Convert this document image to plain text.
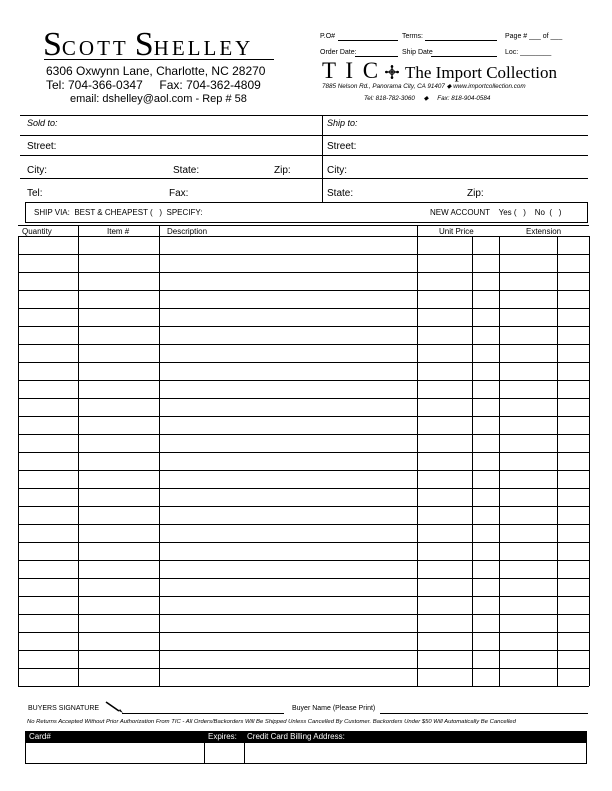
SCOTT SHELLEY
6306 Oxwynn Lane, Charlotte, NC 28270
Tel: 704-366-0347     Fax: 704-362-4809
email: dshelley@aol.com - Rep # 58
P.O#	Terms:	Page # ___ of ___
Order Date:	Ship Date	Loc: ________
T I C The Import Collection
7885 Nelson Rd., Panorama City, CA 91407 ◆ www.importcollection.com
Tel: 818-782-3060     ◆     Fax: 818-904-0584
Sold to:	Ship to:
Street:	Street:
City:	State:	Zip:	City:
Tel:	Fax:	State:	Zip:
SHIP VIA:  BEST & CHEAPEST (   )  SPECIFY:	NEW ACCOUNT    Yes (   )    No  (   )
Quantity	Item #	Description	Unit Price	Extension
BUYERS SIGNATURE	Buyer Name (Please Print)
No Returns Accepted Without Prior Authorization From TIC - All Orders/Backorders Will Be Shipped Unless Cancelled By Customer. Backorders Under $50 Will Automatically Be Cancelled
Card#	Expires: Credit Card Billing Address:
